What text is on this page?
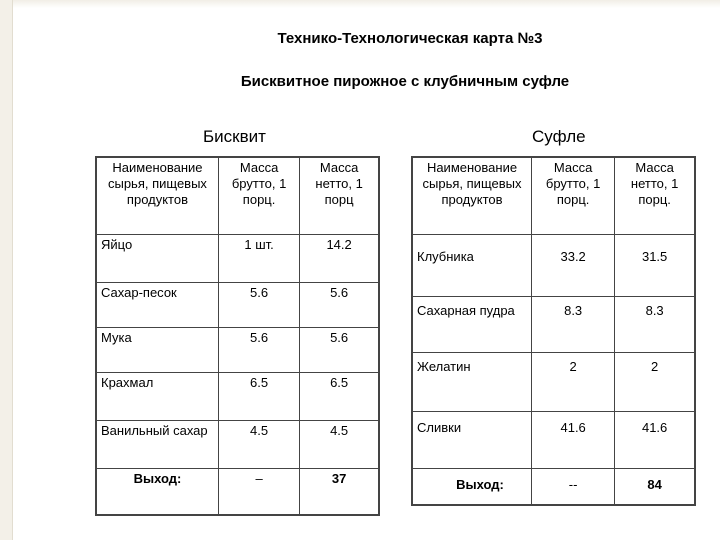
Технико-Технологическая карта №3
Бисквитное пирожное с клубничным суфле
Бисквит	Суфле
Наименование сырья, пищевых продуктов	Масса брутто, 1 порц.	Масса нетто, 1 порц
Яйцо	1 шт.	14.2
Сахар-песок	5.6	5.6
Мука	5.6	5.6
Крахмал	6.5	6.5
Ванильный сахар	4.5	4.5
Выход:	–	37
Наименование сырья, пищевых продуктов	Масса брутто, 1 порц.	Масса нетто, 1 порц.
Клубника	33.2	31.5
Сахарная пудра	8.3	8.3
Желатин	2	2
Сливки	41.6	41.6
Выход:	--	84
